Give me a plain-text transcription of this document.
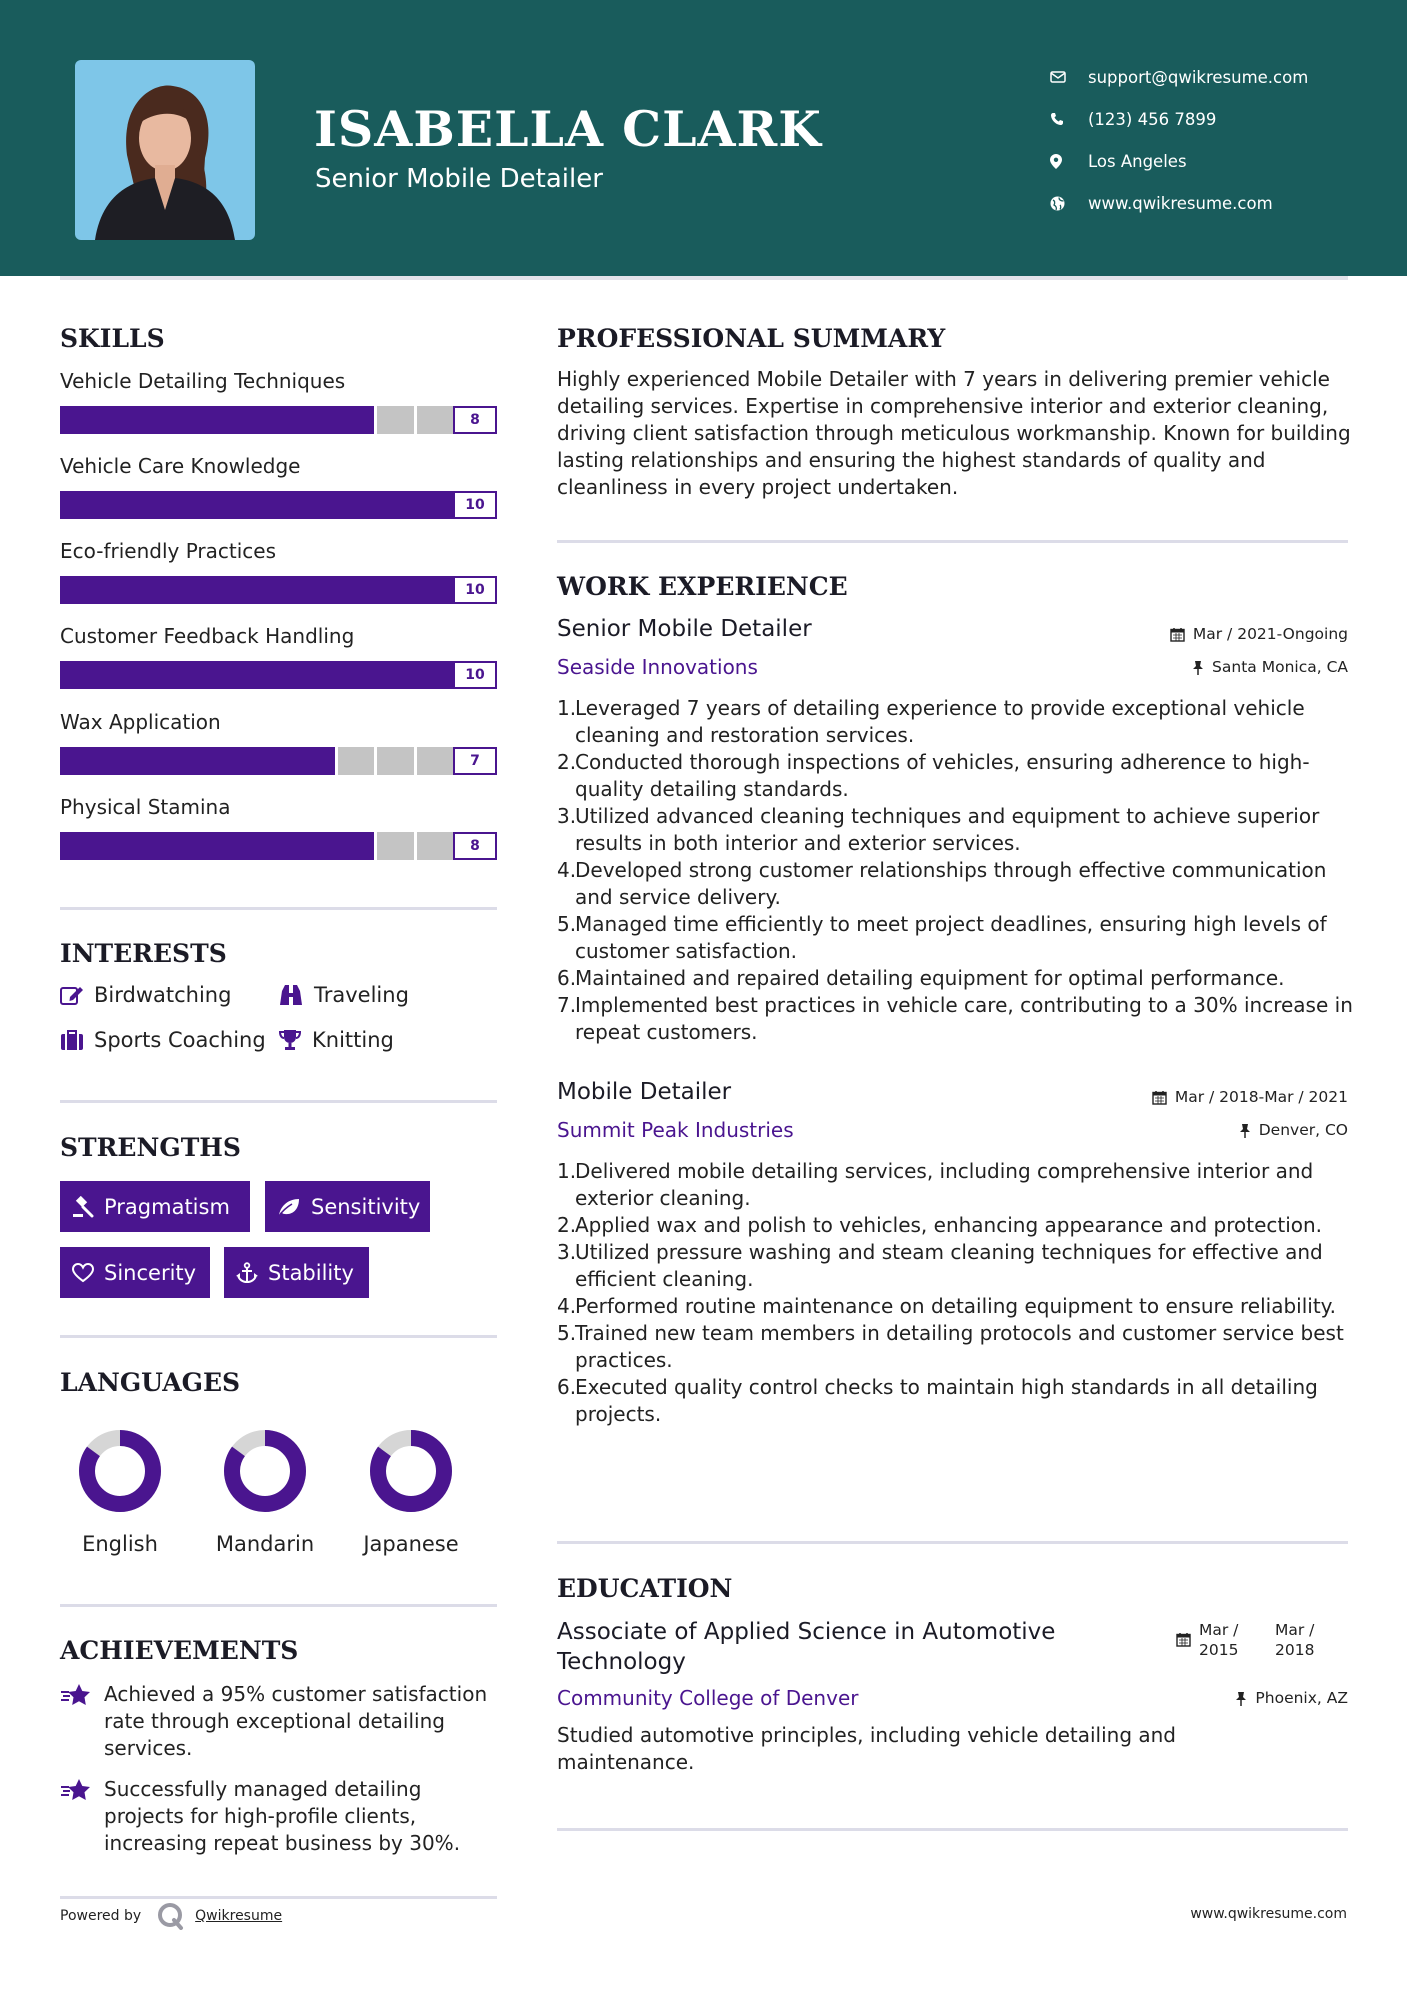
ISABELLA CLARK
Senior Mobile Detailer
support@qwikresume.com
(123) 456 7899
Los Angeles
www.qwikresume.com
SKILLS
Vehicle Detailing Techniques
8
Vehicle Care Knowledge
10
Eco-friendly Practices
10
Customer Feedback Handling
10
Wax Application
7
Physical Stamina
8
INTERESTS
Birdwatching	Traveling
Sports Coaching Knitting
STRENGTHS
Pragmatism	Sensitivity
Sincerity	Stability
LANGUAGES
English	Mandarin	Japanese
ACHIEVEMENTS
Achieved a 95% customer satisfaction rate through exceptional detailing services.
Successfully managed detailing projects for high-profile clients, increasing repeat business by 30%.
Powered by	Qwikresume	www.qwikresume.com
PROFESSIONAL SUMMARY
Highly experienced Mobile Detailer with 7 years in delivering premier vehicle detailing services. Expertise in comprehensive interior and exterior cleaning, driving client satisfaction through meticulous workmanship. Known for building lasting relationships and ensuring the highest standards of quality and cleanliness in every project undertaken.
WORK EXPERIENCE
Senior Mobile Detailer	Mar / 2021-Ongoing
Seaside Innovations	Santa Monica, CA
1.
Leveraged 7 years of detailing experience to provide exceptional vehicle cleaning and restoration services.
2.
Conducted thorough inspections of vehicles, ensuring adherence to high-quality detailing standards.
3.
Utilized advanced cleaning techniques and equipment to achieve superior results in both interior and exterior services.
4.
Developed strong customer relationships through effective communication and service delivery.
5.
Managed time efficiently to meet project deadlines, ensuring high levels of customer satisfaction.
6.
Maintained and repaired detailing equipment for optimal performance.
7.
Implemented best practices in vehicle care, contributing to a 30% increase in repeat customers.
Mobile Detailer	Mar / 2018-Mar / 2021
Summit Peak Industries	Denver, CO
1.
Delivered mobile detailing services, including comprehensive interior and exterior cleaning.
2.
Applied wax and polish to vehicles, enhancing appearance and protection.
3.
Utilized pressure washing and steam cleaning techniques for effective and efficient cleaning.
4.
Performed routine maintenance on detailing equipment to ensure reliability.
5.
Trained new team members in detailing protocols and customer service best practices.
6.
Executed quality control checks to maintain high standards in all detailing projects.
EDUCATION
Associate of Applied Science in Automotive Technology
Mar /
2015
Mar /
2018
Community College of Denver	Phoenix, AZ
Studied automotive principles, including vehicle detailing and maintenance.
